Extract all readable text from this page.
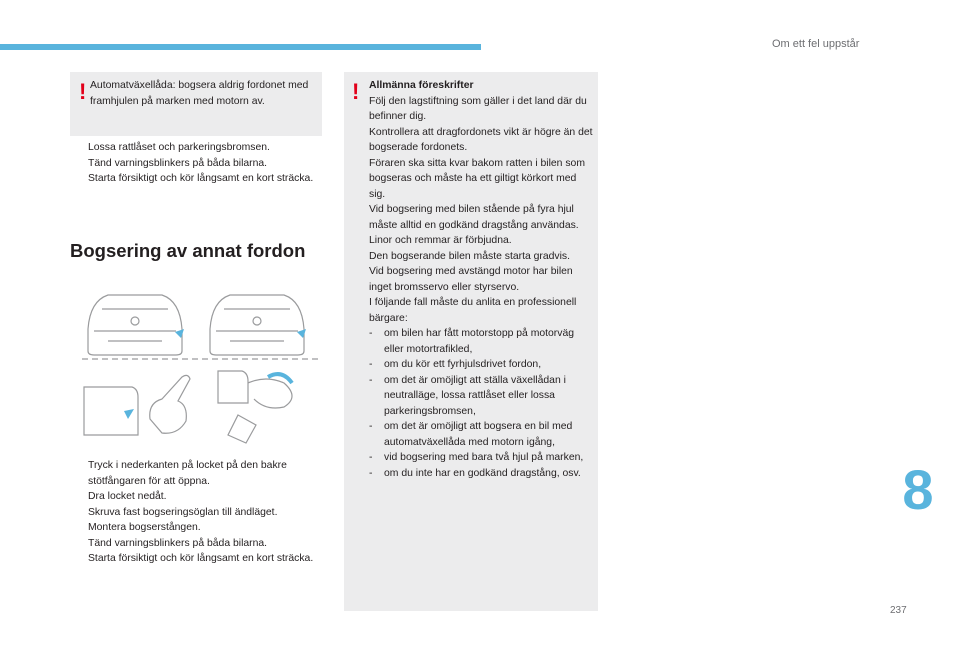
Om ett fel uppstår
! Automatväxellåda: bogsera aldrig fordonet med framhjulen på marken med motorn av.
Lossa rattlåset och parkeringsbromsen.
Tänd varningsblinkers på båda bilarna.
Starta försiktigt och kör långsamt en kort sträcka.
Bogsering av annat fordon
Tryck i nederkanten på locket på den bakre stötfångaren för att öppna.
Dra locket nedåt.
Skruva fast bogseringsöglan till ändläget.
Montera bogserstången.
Tänd varningsblinkers på båda bilarna.
Starta försiktigt och kör långsamt en kort sträcka.
! Allmänna föreskrifter

Följ den lagstiftning som gäller i det land där du befinner dig.

Kontrollera att dragfordonets vikt är högre än det bogserade fordonets.

Föraren ska sitta kvar bakom ratten i bilen som bogseras och måste ha ett giltigt körkort med sig.

Vid bogsering med bilen stående på fyra hjul måste alltid en godkänd dragstång användas. Linor och remmar är förbjudna.

Den bogserande bilen måste starta gradvis.

Vid bogsering med avstängd motor har bilen inget bromsservo eller styrservo.

I följande fall måste du anlita en professionell bärgare:

-	om bilen har fått motorstopp på motorväg eller motortrafikled,
-	om du kör ett fyrhjulsdrivet fordon,
-	om det är omöjligt att ställa växellådan i neutralläge, lossa rattlåset eller lossa parkeringsbromsen,
-	om det är omöjligt att bogsera en bil med automatväxellåda med motorn igång,
-	vid bogsering med bara två hjul på marken,
-	om du inte har en godkänd dragstång, osv.	8
237
